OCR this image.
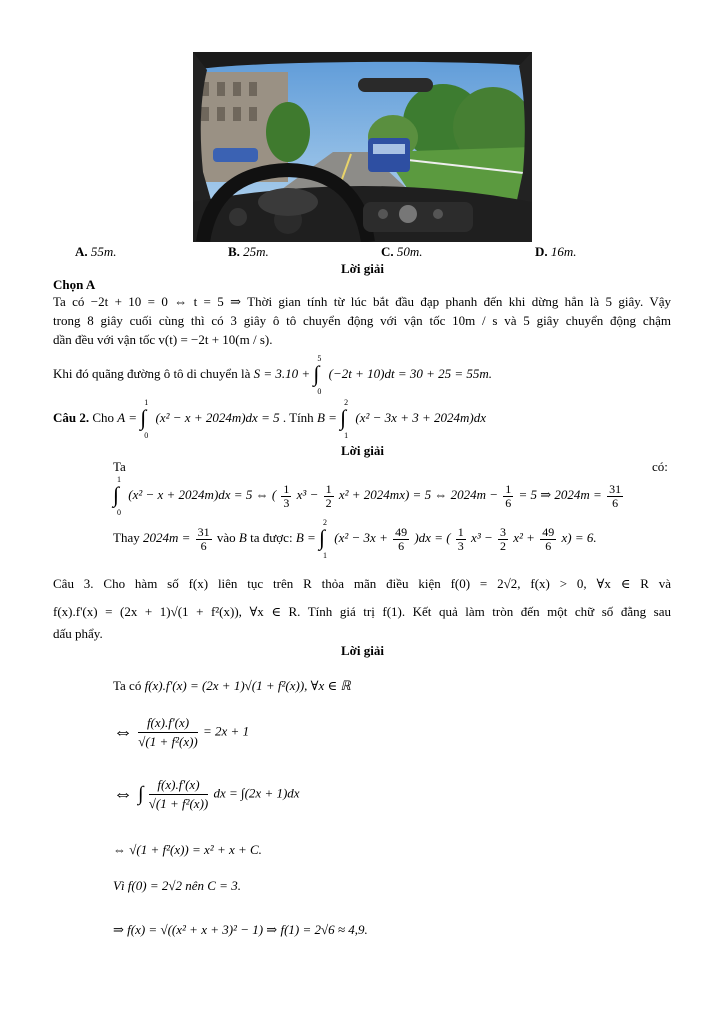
A. 55m.	B. 25m.	C. 50m.	D. 16m.
Lời giải
Chọn A
Ta có −2t + 10 = 0 ⇔ t = 5 ⇒ Thời gian tính từ lúc bắt đầu đạp phanh đến khi dừng hẳn là 5 giây. Vậy
trong 8 giây cuối cùng thì có 3 giây ô tô chuyển động với vận tốc 10m / s và 5 giây chuyển động chậm
dần đều với vận tốc v(t) = −2t + 10(m / s).
Khi đó quãng đường ô tô di chuyển là S = 3.10 +
5
∫
0
(−2t + 10)dt = 30 + 25 = 55m.
Câu 2. Cho A =
1
∫
0
(x² − x + 2024m)dx = 5 . Tính B =
2
∫
1
(x² − 3x + 3 + 2024m)dx
Lời giải
Ta	có:
1
∫
0
(x² − x + 2024m)dx = 5 ⇔ ( $\frac{1}{3} x^3 - \frac{1}{2} x^2 + 2024mx) = 5$ ⇔ $2024m - \frac{1}{6} = 5$ ⇒ $2024m = \frac{31}{6}$
Thay $2024m = \frac{31}{6}$ vào B ta được: B =
2
∫
1
$(x^2 - 3x + \frac{49}{6} )dx$ = ( $\frac{1}{3} x^3 - \frac{3}{2} x^2 + \frac{49}{6} x) = 6$.
Câu 3. Cho hàm số f(x) liên tục trên R thỏa mãn điều kiện f(0) = 2√2, f(x) > 0, ∀x ∈ R và
f(x).f'(x) = (2x + 1)√(1 + f²(x)), ∀x ∈ R. Tính giá trị f(1). Kết quả làm tròn đến một chữ số đằng sau
dấu phẩy.
Lời giải
Ta có f(x).f'(x) = (2x + 1)√(1 + f²(x)), ∀x ∈ ℝ
⇔ $\frac{f(x).f'(x)}{\text{√(1 + f²(x))}} = 2x + 1$
⇔ ∫ $\frac{f(x).f'(x)}{\text{√(1 + f²(x))}}$ dx = ∫(2x + 1)dx
⇔ √(1 + f²(x)) = x² + x + C.
Vì f(0) = 2√2 nên C = 3.
⇒ f(x) = √((x² + x + 3)² − 1) ⇒ f(1) = 2√6 ≈ 4,9.
